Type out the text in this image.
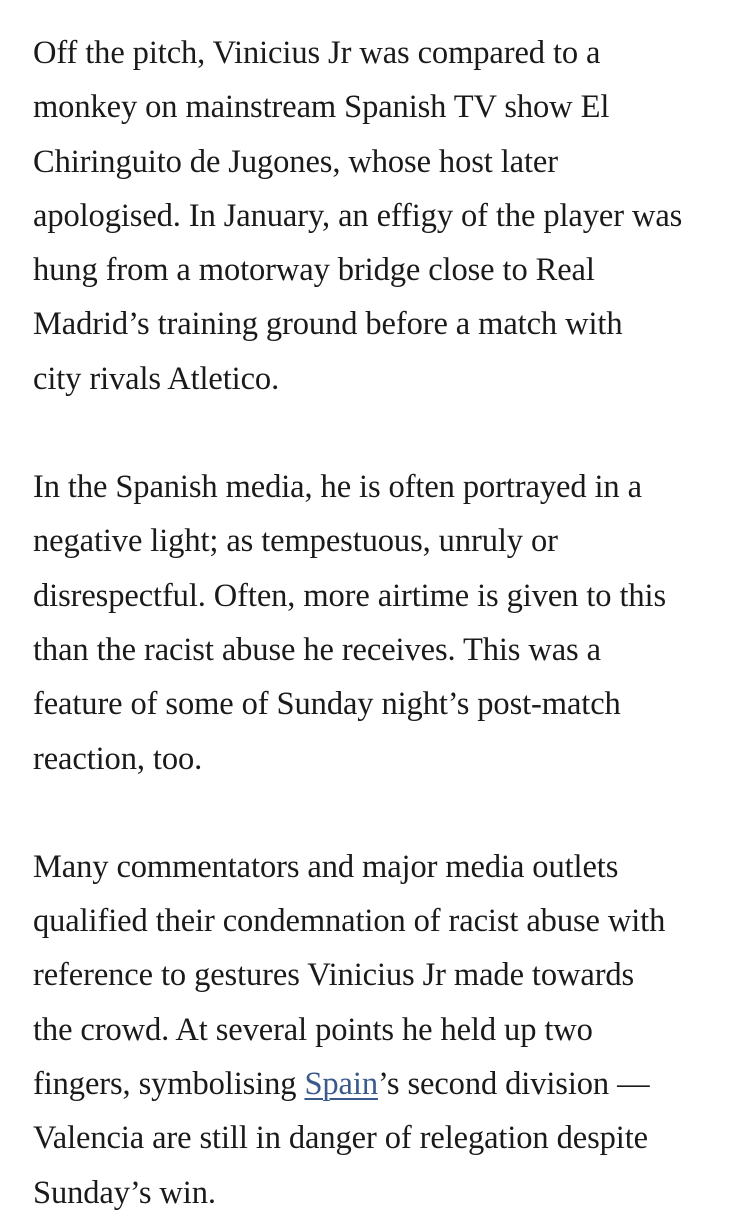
Off the pitch, Vinicius Jr was compared to a
monkey on mainstream Spanish TV show El
Chiringuito de Jugones, whose host later
apologised. In January, an effigy of the player was
hung from a motorway bridge close to Real
Madrid’s training ground before a match with
city rivals Atletico.
In the Spanish media, he is often portrayed in a
negative light; as tempestuous, unruly or
disrespectful. Often, more airtime is given to this
than the racist abuse he receives. This was a
feature of some of Sunday night’s post-match
reaction, too.
Many commentators and major media outlets
qualified their condemnation of racist abuse with
reference to gestures Vinicius Jr made towards
the crowd. At several points he held up two
fingers, symbolising Spain’s second division —
Valencia are still in danger of relegation despite
Sunday’s win.
